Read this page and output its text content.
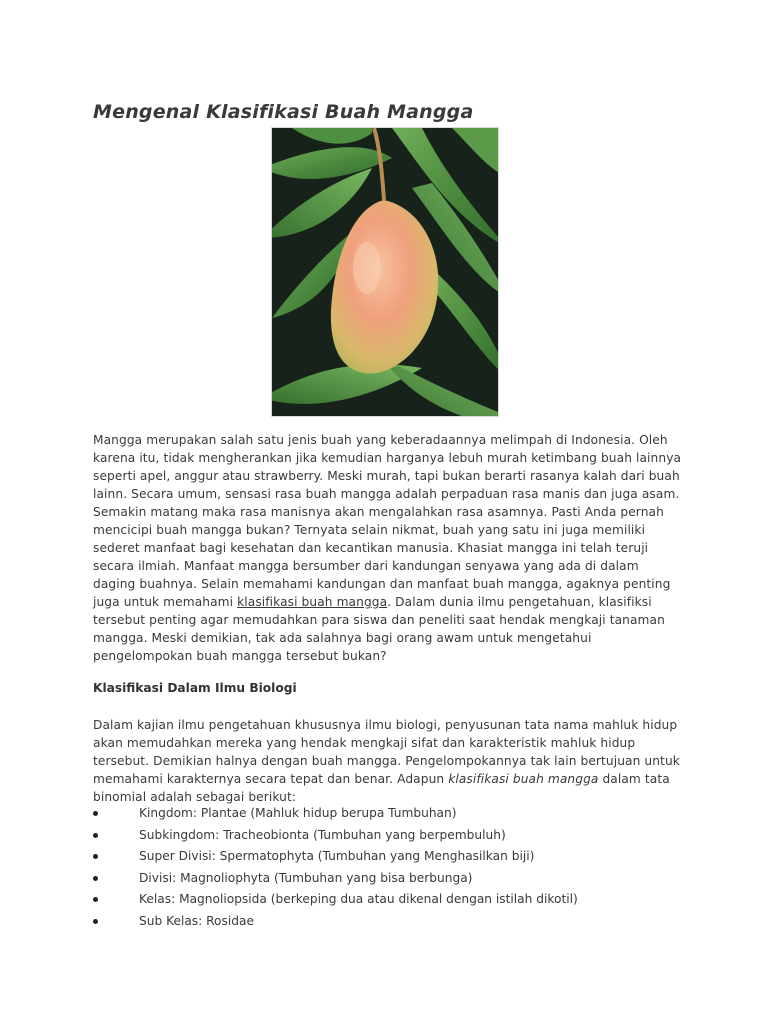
Mengenal Klasifikasi Buah Mangga

Mangga merupakan salah satu jenis buah yang keberadaannya melimpah di Indonesia. Oleh karena itu, tidak mengherankan jika kemudian harganya lebuh murah ketimbang buah lainnya seperti apel, anggur atau strawberry. Meski murah, tapi bukan berarti rasanya kalah dari buah lainn. Secara umum, sensasi rasa buah mangga adalah perpaduan rasa manis dan juga asam. Semakin matang maka rasa manisnya akan mengalahkan rasa asamnya. Pasti Anda pernah mencicipi buah mangga bukan? Ternyata selain nikmat, buah yang satu ini juga memiliki sederet manfaat bagi kesehatan dan kecantikan manusia. Khasiat mangga ini telah teruji secara ilmiah. Manfaat mangga bersumber dari kandungan senyawa yang ada di dalam daging buahnya. Selain memahami kandungan dan manfaat buah mangga, agaknya penting juga untuk memahami klasifikasi buah mangga. Dalam dunia ilmu pengetahuan, klasifiksi tersebut penting agar memudahkan para siswa dan peneliti saat hendak mengkaji tanaman mangga. Meski demikian, tak ada salahnya bagi orang awam untuk mengetahui pengelompokan buah mangga tersebut bukan?

Klasifikasi Dalam Ilmu Biologi

Dalam kajian ilmu pengetahuan khususnya ilmu biologi, penyusunan tata nama mahluk hidup akan memudahkan mereka yang hendak mengkaji sifat dan karakteristik mahluk hidup tersebut. Demikian halnya dengan buah mangga. Pengelompokannya tak lain bertujuan untuk memahami karakternya secara tepat dan benar. Adapun klasifikasi buah mangga dalam tata binomial adalah sebagai berikut:

Kingdom: Plantae (Mahluk hidup berupa Tumbuhan)
Subkingdom: Tracheobionta (Tumbuhan yang berpembuluh)
Super Divisi: Spermatophyta (Tumbuhan yang Menghasilkan biji)
Divisi: Magnoliophyta (Tumbuhan yang bisa berbunga)
Kelas: Magnoliopsida (berkeping dua atau dikenal dengan istilah dikotil)
Sub Kelas: Rosidae
